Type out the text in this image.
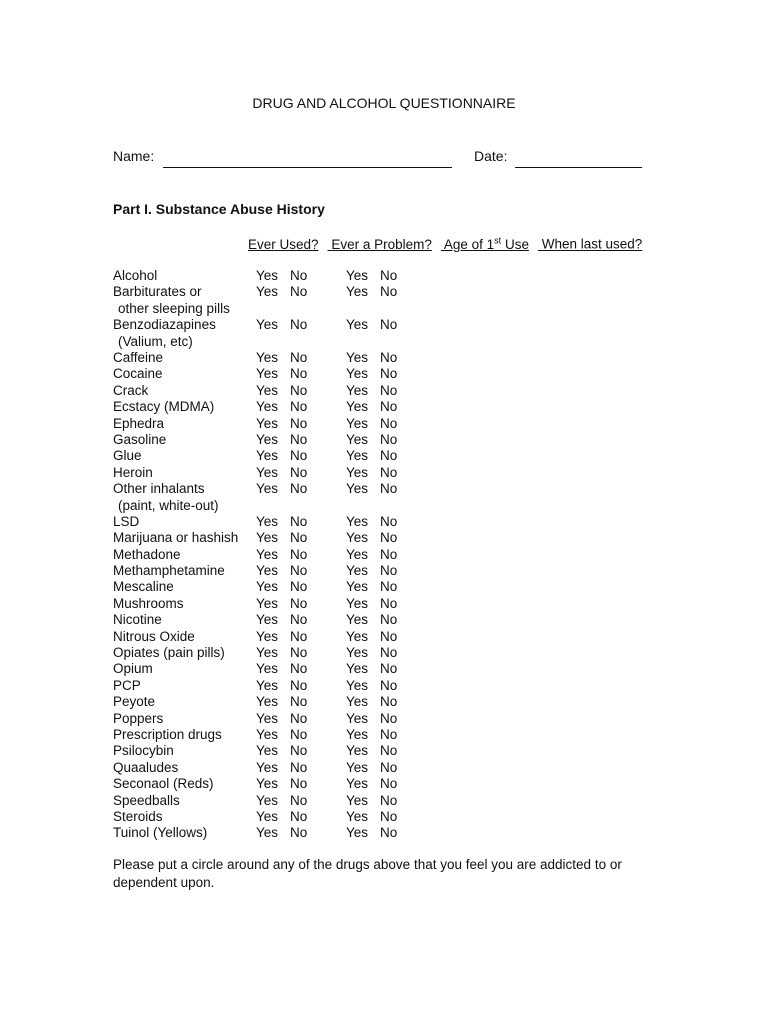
DRUG AND ALCOHOL QUESTIONNAIRE
Name:	Date:
Part I. Substance Abuse History
Ever Used? Ever a Problem? Age of 1st Use When last used?
Alcohol	Yes No	Yes No
Barbiturates or
other sleeping pills
Yes No	Yes No
Benzodiazapines
(Valium, etc)
Yes No	Yes No
Caffeine	Yes No	Yes No
Cocaine	Yes No	Yes No
Crack	Yes No	Yes No
Ecstacy (MDMA)	Yes No	Yes No
Ephedra	Yes No	Yes No
Gasoline	Yes No	Yes No
Glue	Yes No	Yes No
Heroin	Yes No	Yes No
Other inhalants
(paint, white-out)
Yes No	Yes No
LSD	Yes No	Yes No
Marijuana or hashish Yes No	Yes No
Methadone	Yes No	Yes No
Methamphetamine Yes No	Yes No
Mescaline	Yes No	Yes No
Mushrooms	Yes No	Yes No
Nicotine	Yes No	Yes No
Nitrous Oxide	Yes No	Yes No
Opiates (pain pills) Yes No	Yes No
Opium	Yes No	Yes No
PCP	Yes No	Yes No
Peyote	Yes No	Yes No
Poppers	Yes No	Yes No
Prescription drugs	Yes No	Yes No
Psilocybin	Yes No	Yes No
Quaaludes	Yes No	Yes No
Seconaol (Reds)	Yes No	Yes No
Speedballs	Yes No	Yes No
Steroids	Yes No	Yes No
Tuinol (Yellows)	Yes No	Yes No
Please put a circle around any of the drugs above that you feel you are addicted to or dependent upon.
